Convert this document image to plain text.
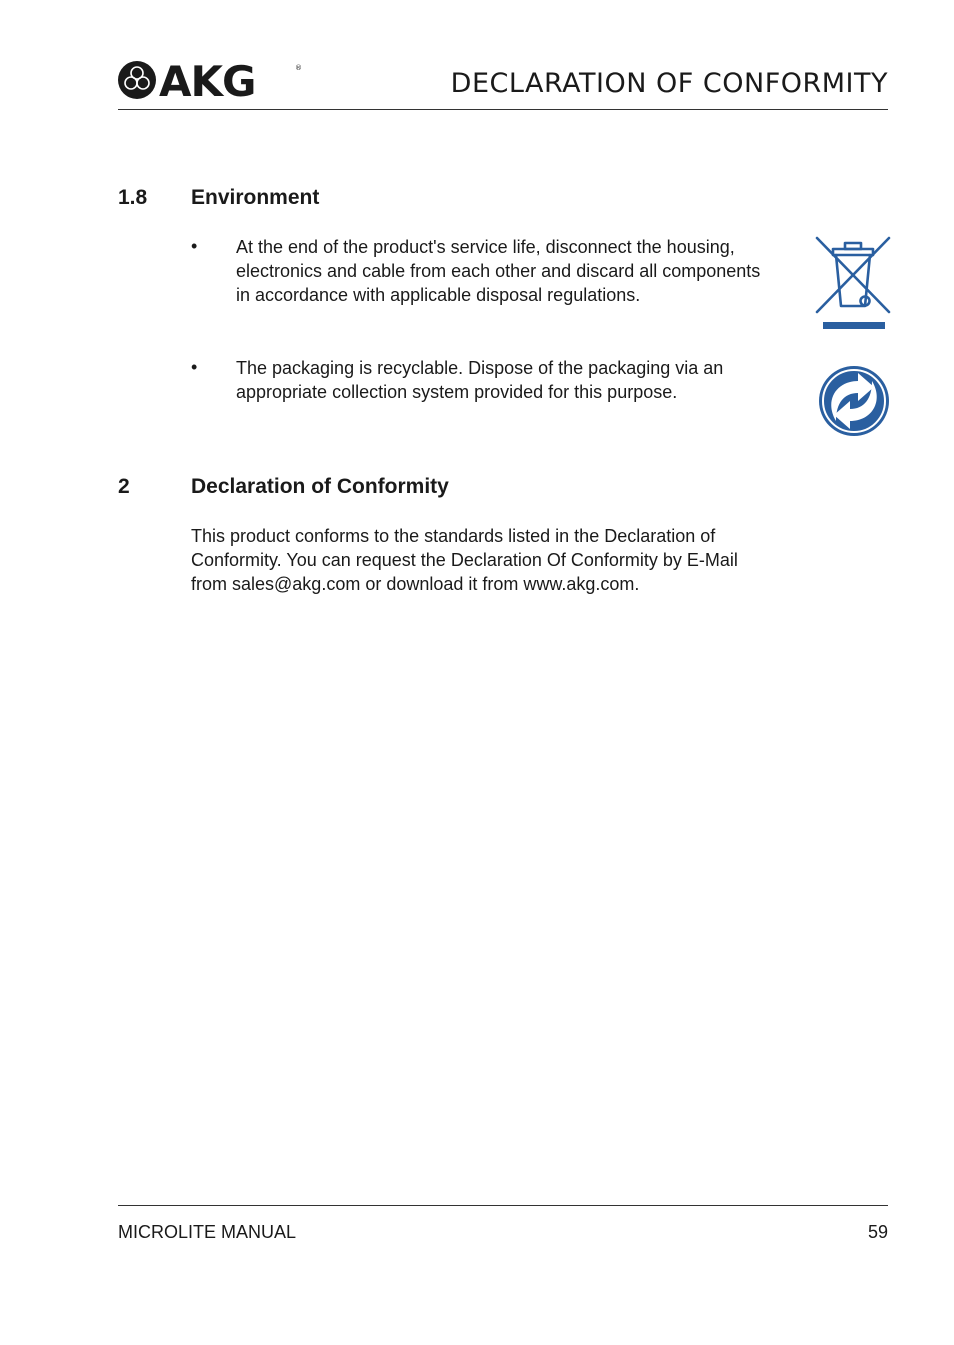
AKG	®	DECLARATION OF CONFORMITY
1.8 Environment
• At the end of the product's service life, disconnect the housing, electronics and cable from each other and discard all components in accordance with applicable disposal regulations.
• The packaging is recyclable. Dispose of the packaging via an appropriate collection system provided for this purpose.
2	Declaration of Conformity
This product conforms to the standards listed in the Declaration of Conformity. You can request the Declaration Of Conformity by E-Mail from sales@akg.com or download it from www.akg.com.
MICROLITE MANUAL	59
